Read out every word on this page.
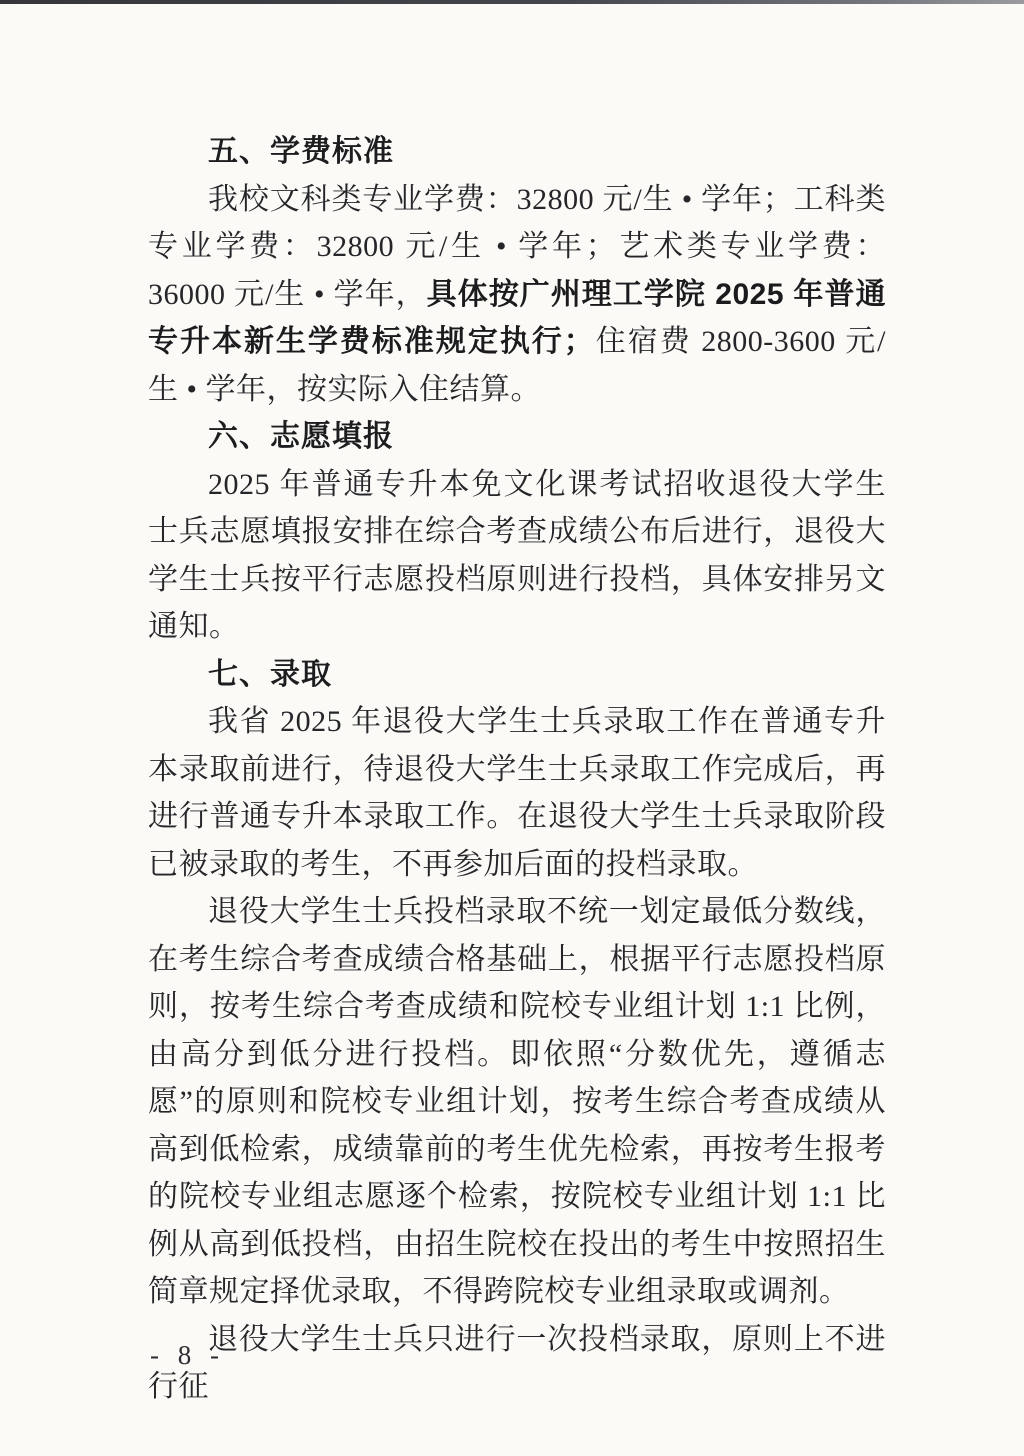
五、学费标准

我校文科类专业学费：32800 元/生 • 学年；工科类专业学费：32800 元/生 • 学年；艺术类专业学费：36000 元/生 • 学年，具体按广州理工学院 2025 年普通专升本新生学费标准规定执行；住宿费 2800-3600 元/生 • 学年，按实际入住结算。

六、志愿填报

2025 年普通专升本免文化课考试招收退役大学生士兵志愿填报安排在综合考查成绩公布后进行，退役大学生士兵按平行志愿投档原则进行投档，具体安排另文通知。

七、录取

我省 2025 年退役大学生士兵录取工作在普通专升本录取前进行，待退役大学生士兵录取工作完成后，再进行普通专升本录取工作。在退役大学生士兵录取阶段已被录取的考生，不再参加后面的投档录取。

退役大学生士兵投档录取不统一划定最低分数线，在考生综合考查成绩合格基础上，根据平行志愿投档原则，按考生综合考查成绩和院校专业组计划 1:1 比例，由高分到低分进行投档。即依照“分数优先，遵循志愿”的原则和院校专业组计划，按考生综合考查成绩从高到低检索，成绩靠前的考生优先检索，再按考生报考的院校专业组志愿逐个检索，按院校专业组计划 1:1 比例从高到低投档，由招生院校在投出的考生中按照招生简章规定择优录取，不得跨院校专业组录取或调剂。

退役大学生士兵只进行一次投档录取，原则上不进行征

- 8 -
